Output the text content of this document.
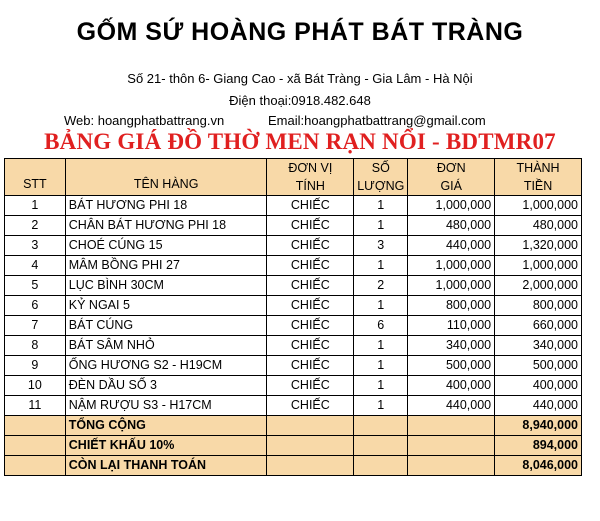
GỐM SỨ HOÀNG PHÁT BÁT TRÀNG
Số 21- thôn 6- Giang Cao - xã Bát Tràng - Gia Lâm - Hà Nội
Điện thoại:0918.482.648
Web: hoangphatbattrang.vn	Email:hoangphatbattrang@gmail.com
BẢNG GIÁ ĐỒ THỜ MEN RẠN NỔI - BDTMR07
STT	TÊN HÀNG	ĐƠN VỊ	SỐ	ĐƠN	THÀNH
		TÍNH	LƯỢNG	GIÁ	TIỀN
1	BÁT HƯƠNG PHI 18	CHIẾC	1	1,000,000	1,000,000
2	CHÂN BÁT HƯƠNG PHI 18	CHIẾC	1	480,000	480,000
3	CHOÉ CÚNG 15	CHIẾC	3	440,000	1,320,000
4	MÂM BỒNG PHI 27	CHIẾC	1	1,000,000	1,000,000
5	LỤC BÌNH 30CM	CHIẾC	2	1,000,000	2,000,000
6	KỶ NGAI 5	CHIẾC	1	800,000	800,000
7	BÁT CÚNG	CHIẾC	6	110,000	660,000
8	BÁT SÂM NHỎ	CHIẾC	1	340,000	340,000
9	ỐNG HƯƠNG S2 - H19CM	CHIẾC	1	500,000	500,000
10	ĐÈN DẦU SỐ 3	CHIẾC	1	400,000	400,000
11	NẬM RƯỢU S3 - H17CM	CHIẾC	1	440,000	440,000
	TỔNG CỘNG				8,940,000
	CHIẾT KHẤU 10%				894,000
	CÒN LẠI THANH TOÁN				8,046,000
